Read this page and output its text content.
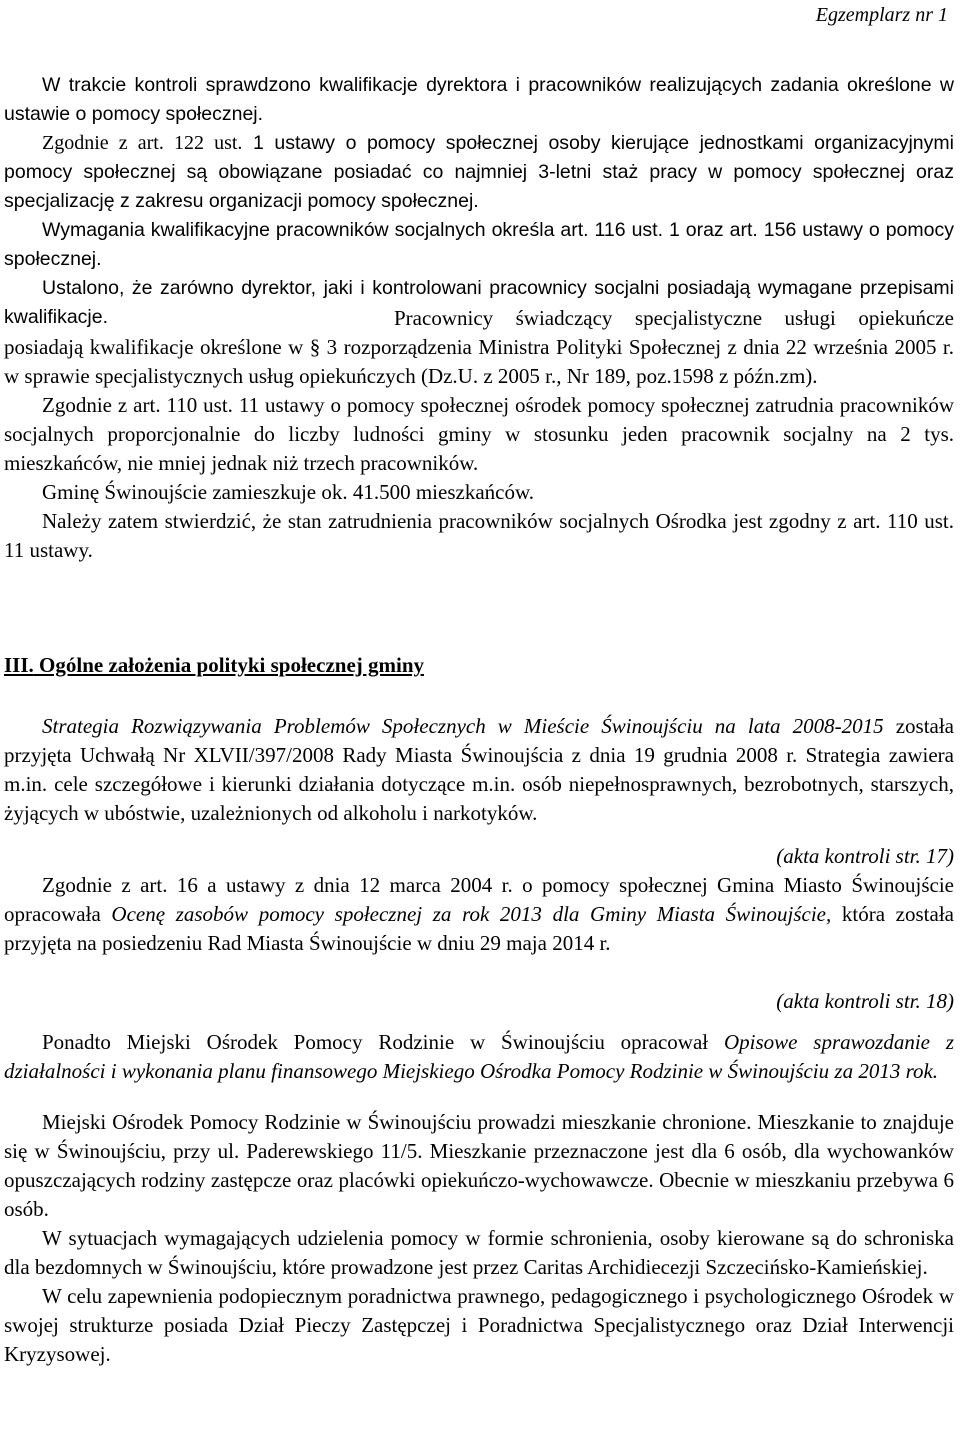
Egzemplarz nr 1

W trakcie kontroli sprawdzono kwalifikacje dyrektora i pracowników realizujących zadania określone w ustawie o pomocy społecznej.

Zgodnie z art. 122 ust. 1 ustawy o pomocy społecznej osoby kierujące jednostkami organizacyjnymi pomocy społecznej są obowiązane posiadać co najmniej 3-letni staż pracy w pomocy społecznej oraz specjalizację z zakresu organizacji pomocy społecznej.

Wymagania kwalifikacyjne pracowników socjalnych określa art. 116 ust. 1 oraz art. 156 ustawy o pomocy społecznej.

Ustalono, że zarówno dyrektor, jaki i kontrolowani pracownicy socjalni posiadają wymagane przepisami kwalifikacje.	Pracownicy świadczący specjalistyczne usługi opiekuńcze posiadają kwalifikacje określone w § 3 rozporządzenia Ministra Polityki Społecznej z dnia 22 września 2005 r. w sprawie specjalistycznych usług opiekuńczych (Dz.U. z 2005 r., Nr 189, poz.1598 z późn.zm).

Zgodnie z art. 110 ust. 11 ustawy o pomocy społecznej ośrodek pomocy społecznej zatrudnia pracowników socjalnych proporcjonalnie do liczby ludności gminy w stosunku jeden pracownik socjalny na 2 tys. mieszkańców, nie mniej jednak niż trzech pracowników.

Gminę Świnoujście zamieszkuje ok. 41.500 mieszkańców.

Należy zatem stwierdzić, że stan zatrudnienia pracowników socjalnych Ośrodka jest zgodny z art. 110 ust. 11 ustawy.

III. Ogólne założenia polityki społecznej gminy

Strategia Rozwiązywania Problemów Społecznych w Mieście Świnoujściu na lata 2008-2015 została przyjęta Uchwałą Nr XLVII/397/2008 Rady Miasta Świnoujścia z dnia 19 grudnia 2008 r. Strategia zawiera m.in. cele szczegółowe i kierunki działania dotyczące m.in. osób niepełnosprawnych, bezrobotnych, starszych, żyjących w ubóstwie, uzależnionych od alkoholu i narkotyków.

(akta kontroli str. 17)

Zgodnie z art. 16 a ustawy z dnia 12 marca 2004 r. o pomocy społecznej Gmina Miasto Świnoujście opracowała Ocenę zasobów pomocy społecznej za rok 2013 dla Gminy Miasta Świnoujście, która została przyjęta na posiedzeniu Rad Miasta Świnoujście w dniu 29 maja 2014 r.

(akta kontroli str. 18)

Ponadto Miejski Ośrodek Pomocy Rodzinie w Świnoujściu opracował Opisowe sprawozdanie z działalności i wykonania planu finansowego Miejskiego Ośrodka Pomocy Rodzinie w Świnoujściu za 2013 rok.

Miejski Ośrodek Pomocy Rodzinie w Świnoujściu prowadzi mieszkanie chronione. Mieszkanie to znajduje się w Świnoujściu, przy ul. Paderewskiego 11/5. Mieszkanie przeznaczone jest dla 6 osób, dla wychowanków opuszczających rodziny zastępcze oraz placówki opiekuńczo-wychowawcze. Obecnie w mieszkaniu przebywa 6 osób.

W sytuacjach wymagających udzielenia pomocy w formie schronienia, osoby kierowane są do schroniska dla bezdomnych w Świnoujściu, które prowadzone jest przez Caritas Archidiecezji Szczecińsko-Kamieńskiej.

W celu zapewnienia podopiecznym poradnictwa prawnego, pedagogicznego i psychologicznego Ośrodek w swojej strukturze posiada Dział Pieczy Zastępczej i Poradnictwa Specjalistycznego oraz Dział Interwencji Kryzysowej.
